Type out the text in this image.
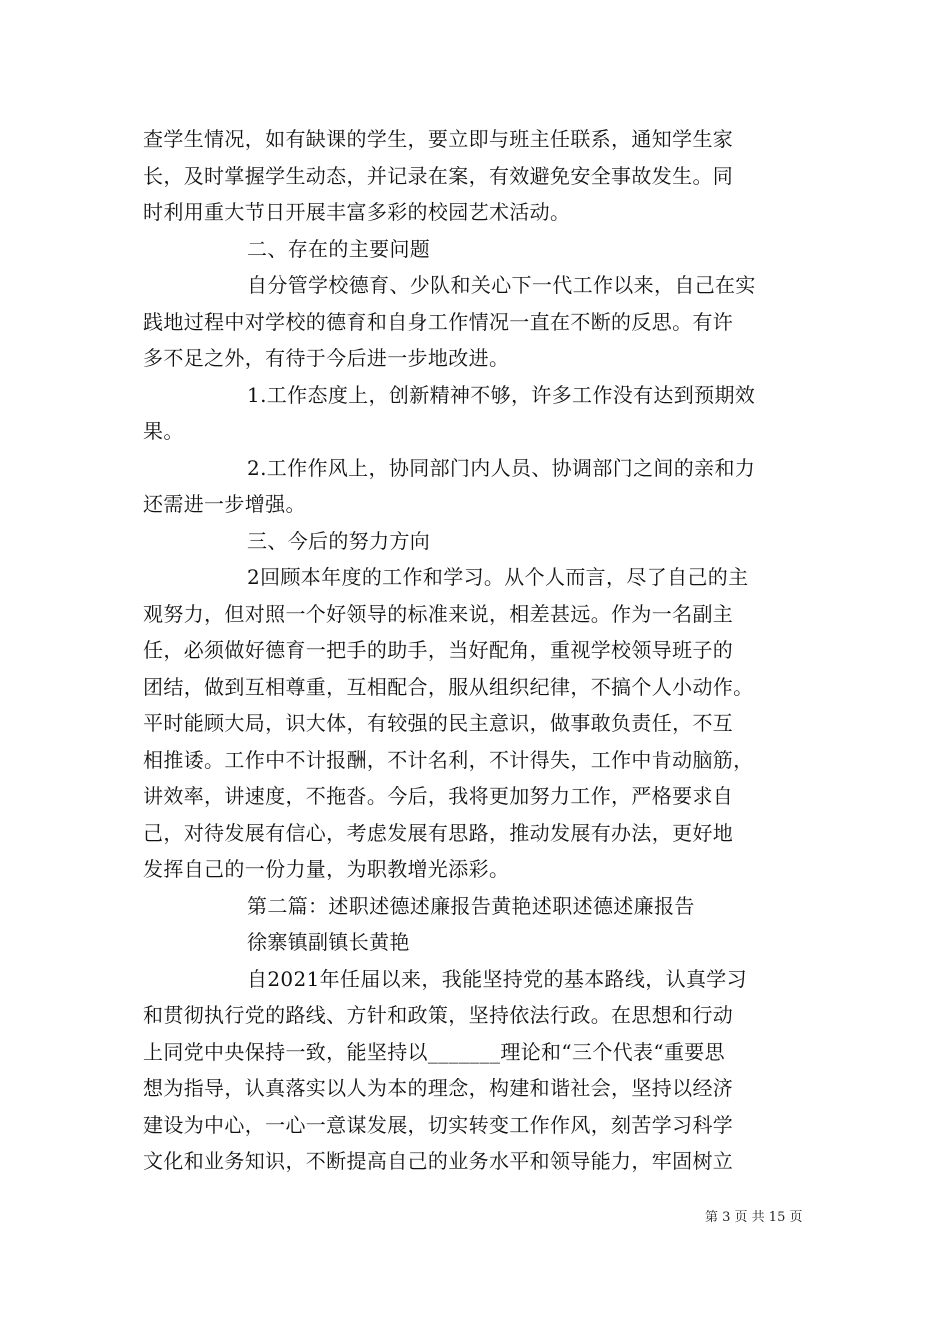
查学生情况，如有缺课的学生，要立即与班主任联系，通知学生家
长，及时掌握学生动态，并记录在案，有效避免安全事故发生。同
时利用重大节日开展丰富多彩的校园艺术活动。
二、存在的主要问题
自分管学校德育、少队和关心下一代工作以来，自己在实
践地过程中对学校的德育和自身工作情况一直在不断的反思。有许
多不足之外，有待于今后进一步地改进。
1.工作态度上，创新精神不够，许多工作没有达到预期效
果。
2.工作作风上，协同部门内人员、协调部门之间的亲和力
还需进一步增强。
三、今后的努力方向
2回顾本年度的工作和学习。从个人而言，尽了自己的主
观努力，但对照一个好领导的标准来说，相差甚远。作为一名副主
任，必须做好德育一把手的助手，当好配角，重视学校领导班子的
团结，做到互相尊重，互相配合，服从组织纪律，不搞个人小动作。
平时能顾大局，识大体，有较强的民主意识，做事敢负责任，不互
相推诿。工作中不计报酬，不计名利，不计得失，工作中肯动脑筋，
讲效率，讲速度，不拖沓。今后，我将更加努力工作，严格要求自
己，对待发展有信心，考虑发展有思路，推动发展有办法，更好地
发挥自己的一份力量，为职教增光添彩。
第二篇：述职述德述廉报告黄艳述职述德述廉报告
徐寨镇副镇长黄艳
自2021年任届以来，我能坚持党的基本路线，认真学习
和贯彻执行党的路线、方针和政策，坚持依法行政。在思想和行动
上同党中央保持一致，能坚持以_______理论和“三个代表“重要思
想为指导，认真落实以人为本的理念，构建和谐社会，坚持以经济
建设为中心，一心一意谋发展，切实转变工作作风，刻苦学习科学
文化和业务知识，不断提高自己的业务水平和领导能力，牢固树立
第 3 页 共 15 页
